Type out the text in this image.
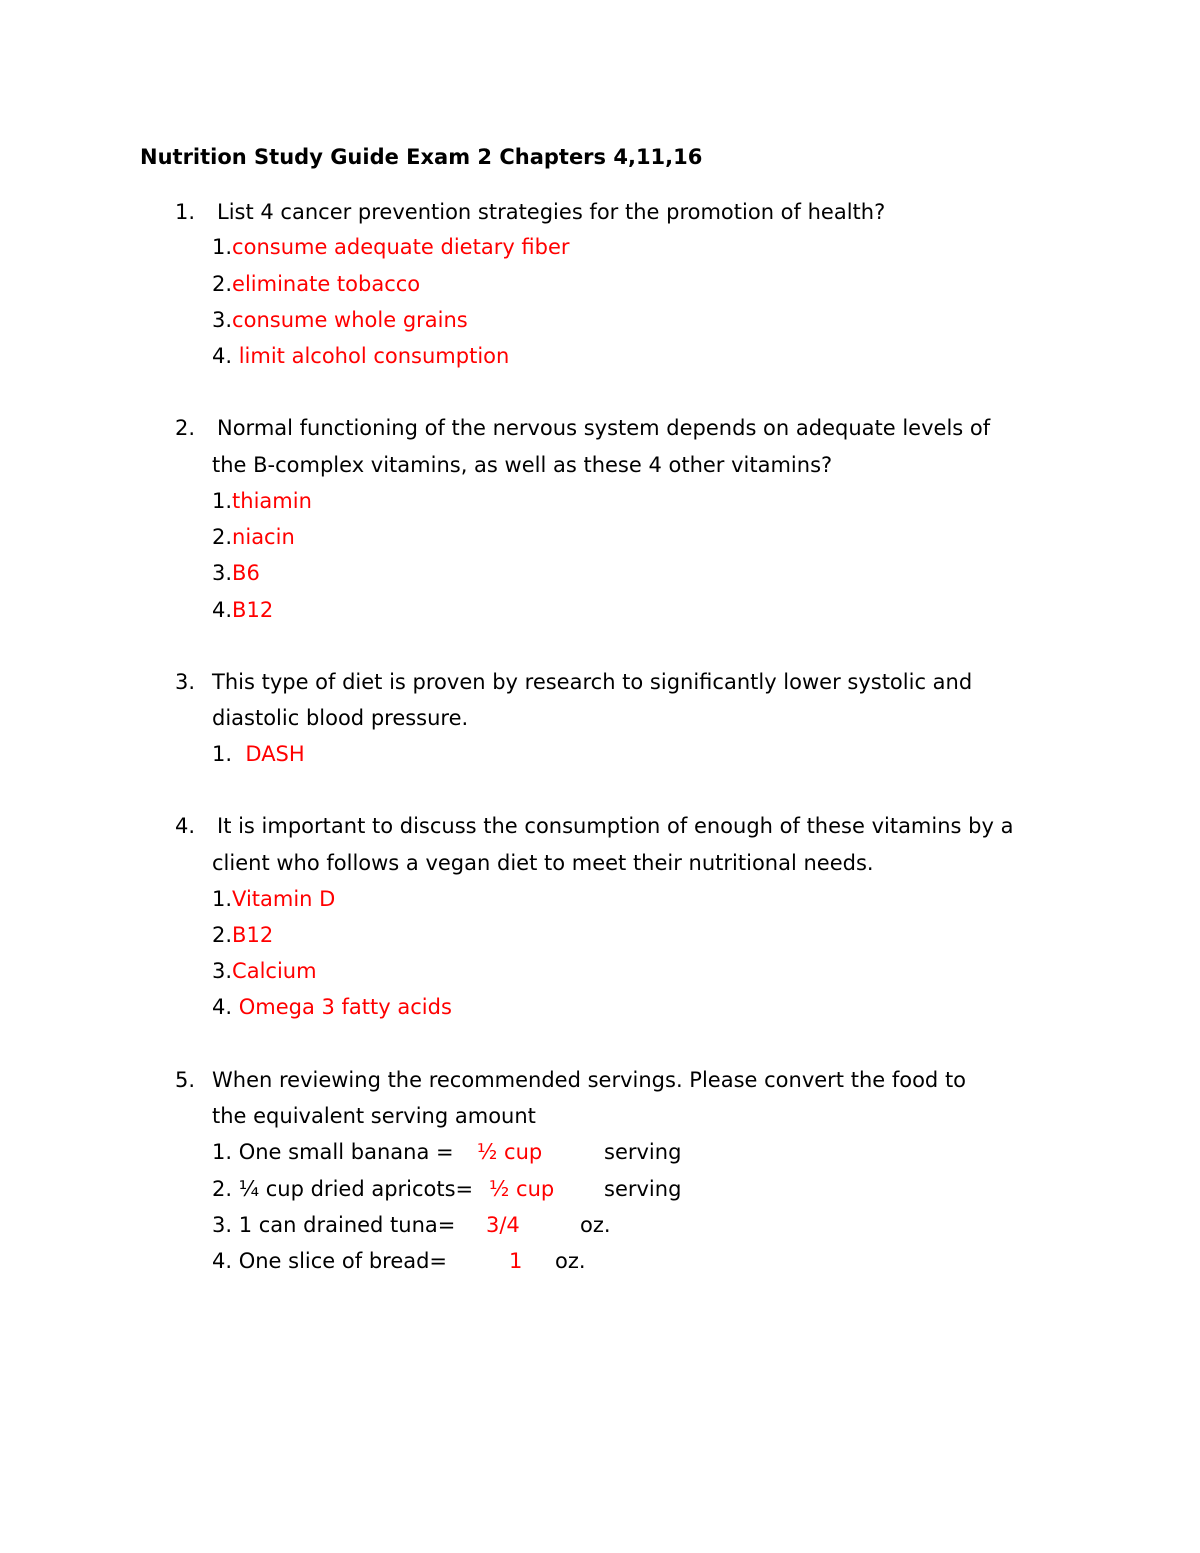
Nutrition Study Guide Exam 2 Chapters 4,11,16
1. List 4 cancer prevention strategies for the promotion of health?
1.consume adequate dietary fiber
2.eliminate tobacco
3.consume whole grains
4. limit alcohol consumption
2. Normal functioning of the nervous system depends on adequate levels of
the B-complex vitamins, as well as these 4 other vitamins?
1.thiamin
2.niacin
3.B6
4.B12
3. This type of diet is proven by research to significantly lower systolic and
diastolic blood pressure.
1.  DASH
4. It is important to discuss the consumption of enough of these vitamins by a
client who follows a vegan diet to meet their nutritional needs.
1.Vitamin D
2.B12
3.Calcium
4. Omega 3 fatty acids
5. When reviewing the recommended servings. Please convert the food to
the equivalent serving amount
1. One small banana = ½ cup	serving
2. ¼ cup dried apricots= ½ cup serving
3. 1 can drained tuna= 3/4	oz.
4. One slice of bread=	1 oz.
